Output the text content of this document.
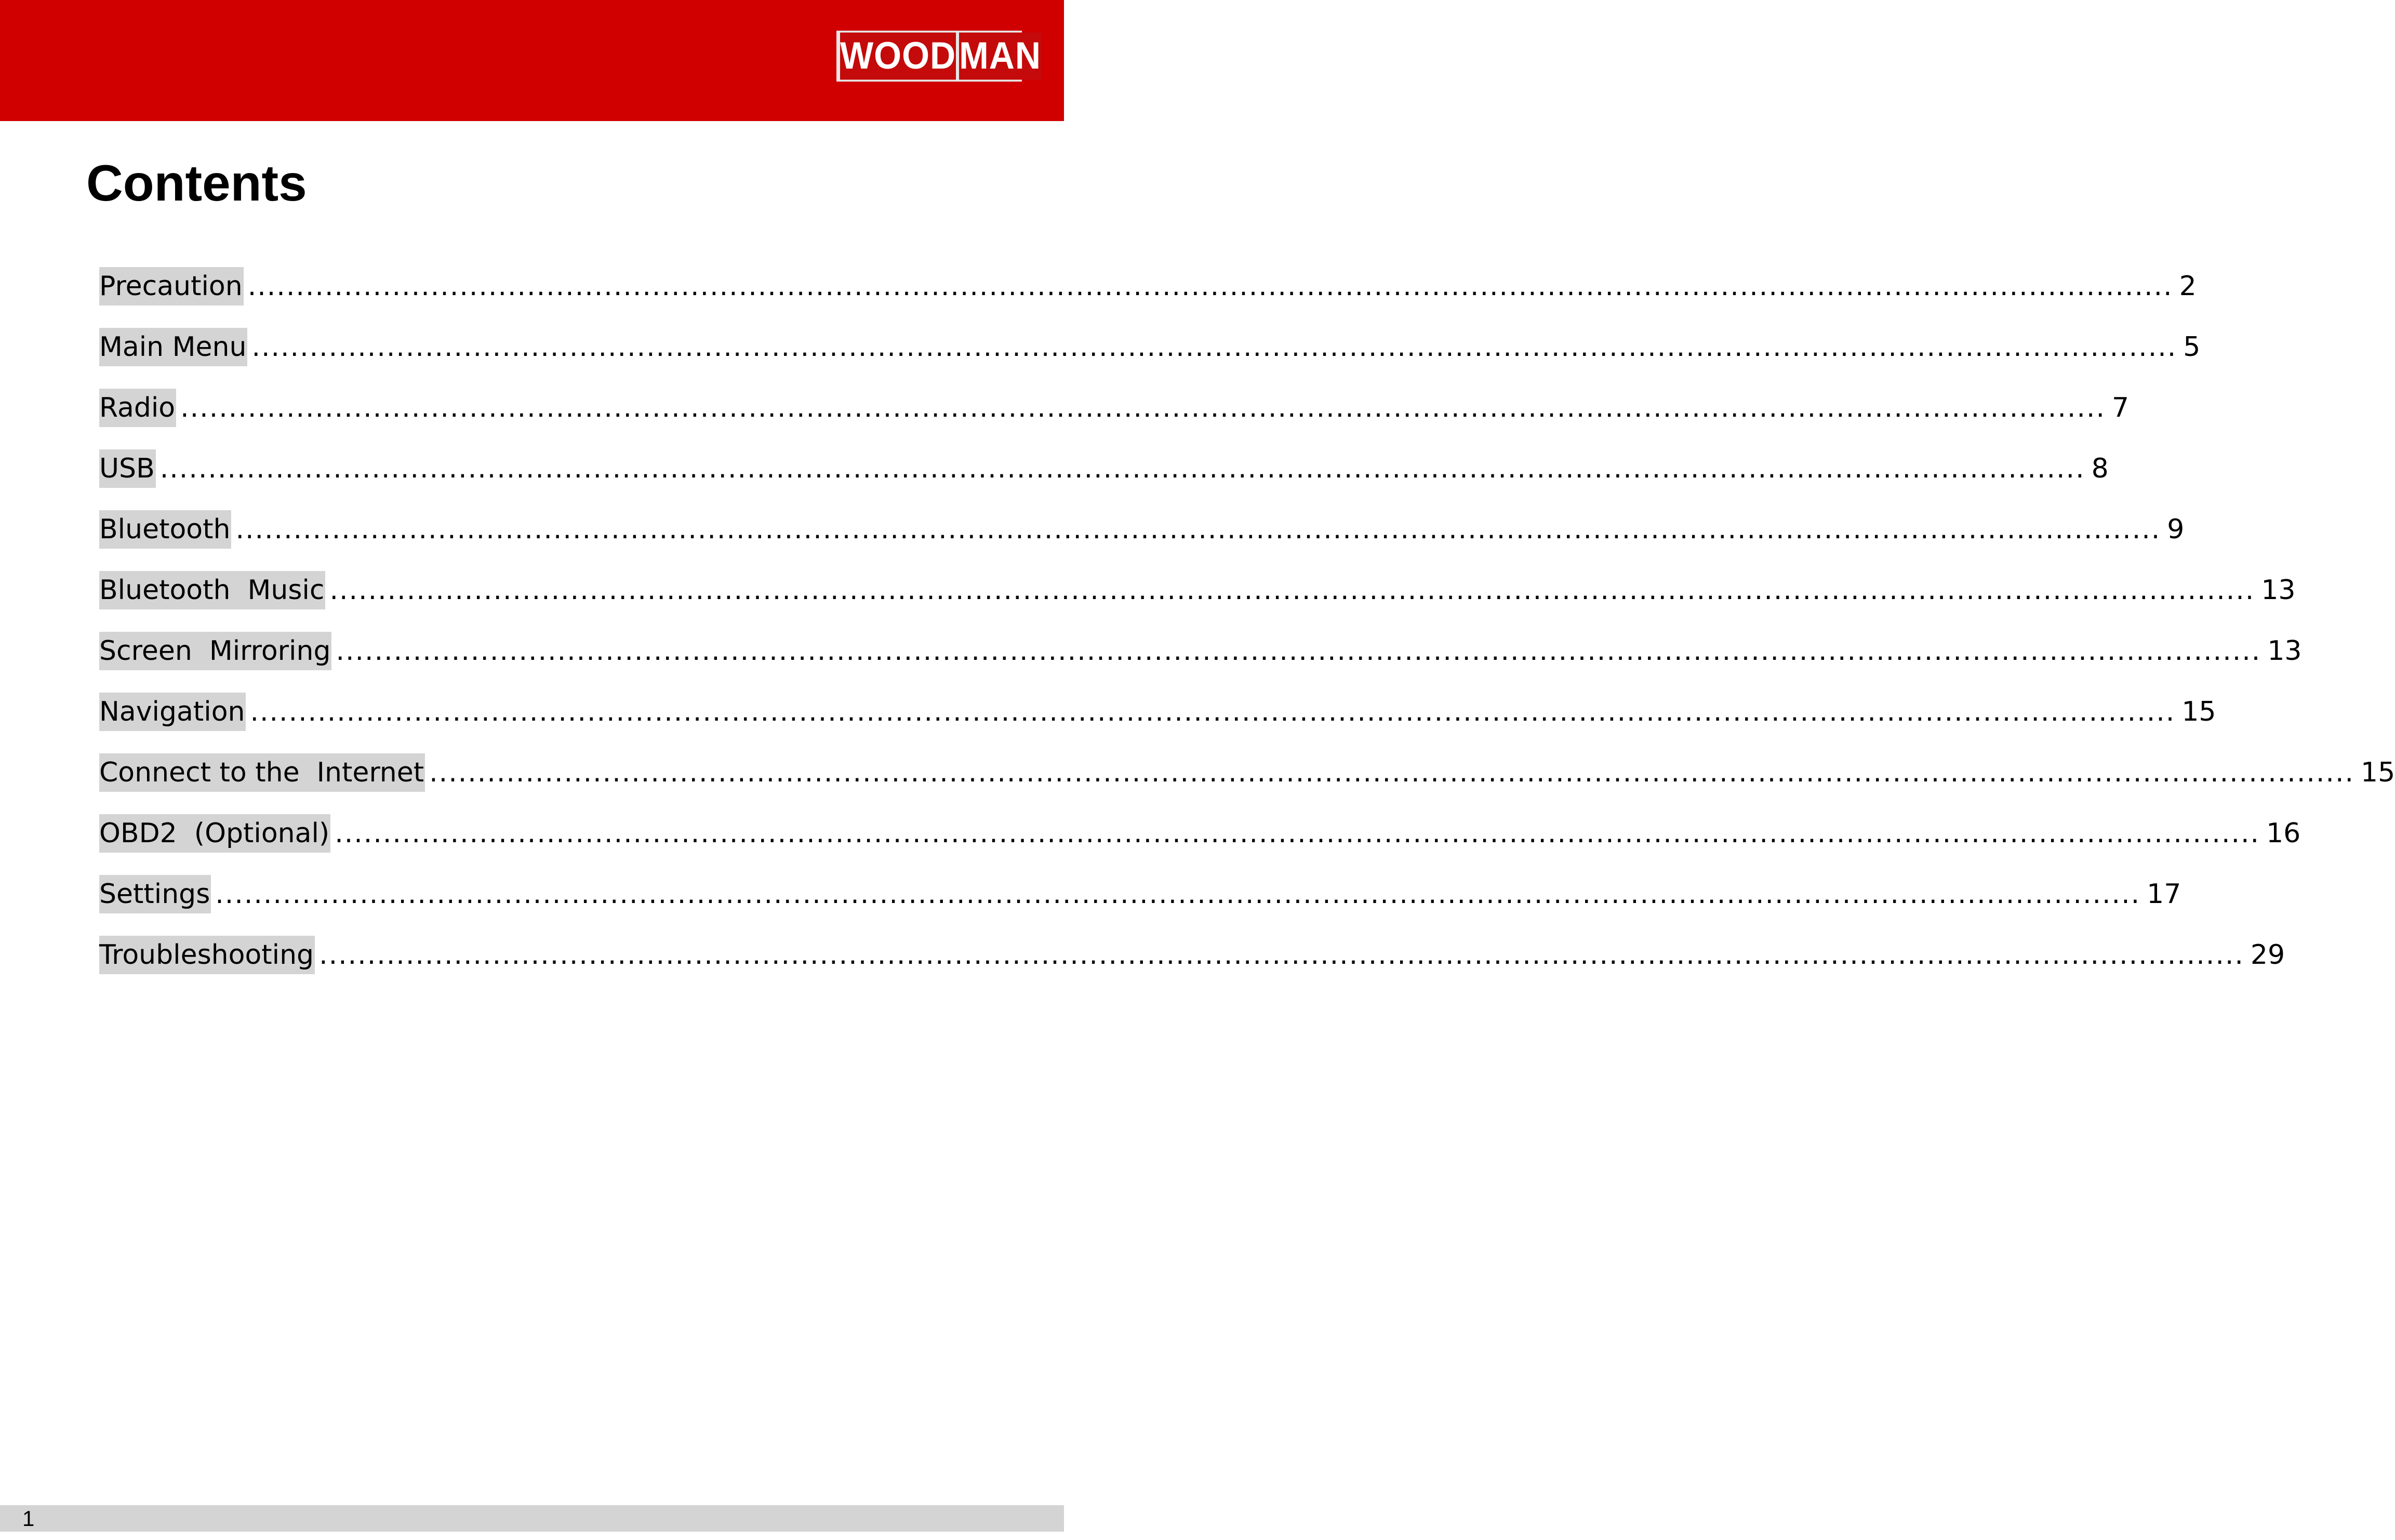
WOOD MAN
Contents
Precaution ........................................................................................................................................................................................................ 2
Main Menu ........................................................................................................................................................................................................ 5
Radio ........................................................................................................................................................................................................ 7
USB ........................................................................................................................................................................................................ 8
Bluetooth ........................................................................................................................................................................................................ 9
Bluetooth  Music ........................................................................................................................................................................................................ 13
Screen  Mirroring ........................................................................................................................................................................................................ 13
Navigation ........................................................................................................................................................................................................ 15
Connect to the  Internet ........................................................................................................................................................................................................ 15
OBD2  (Optional) ........................................................................................................................................................................................................ 16
Settings ........................................................................................................................................................................................................ 17
Troubleshooting ........................................................................................................................................................................................................ 29
1
